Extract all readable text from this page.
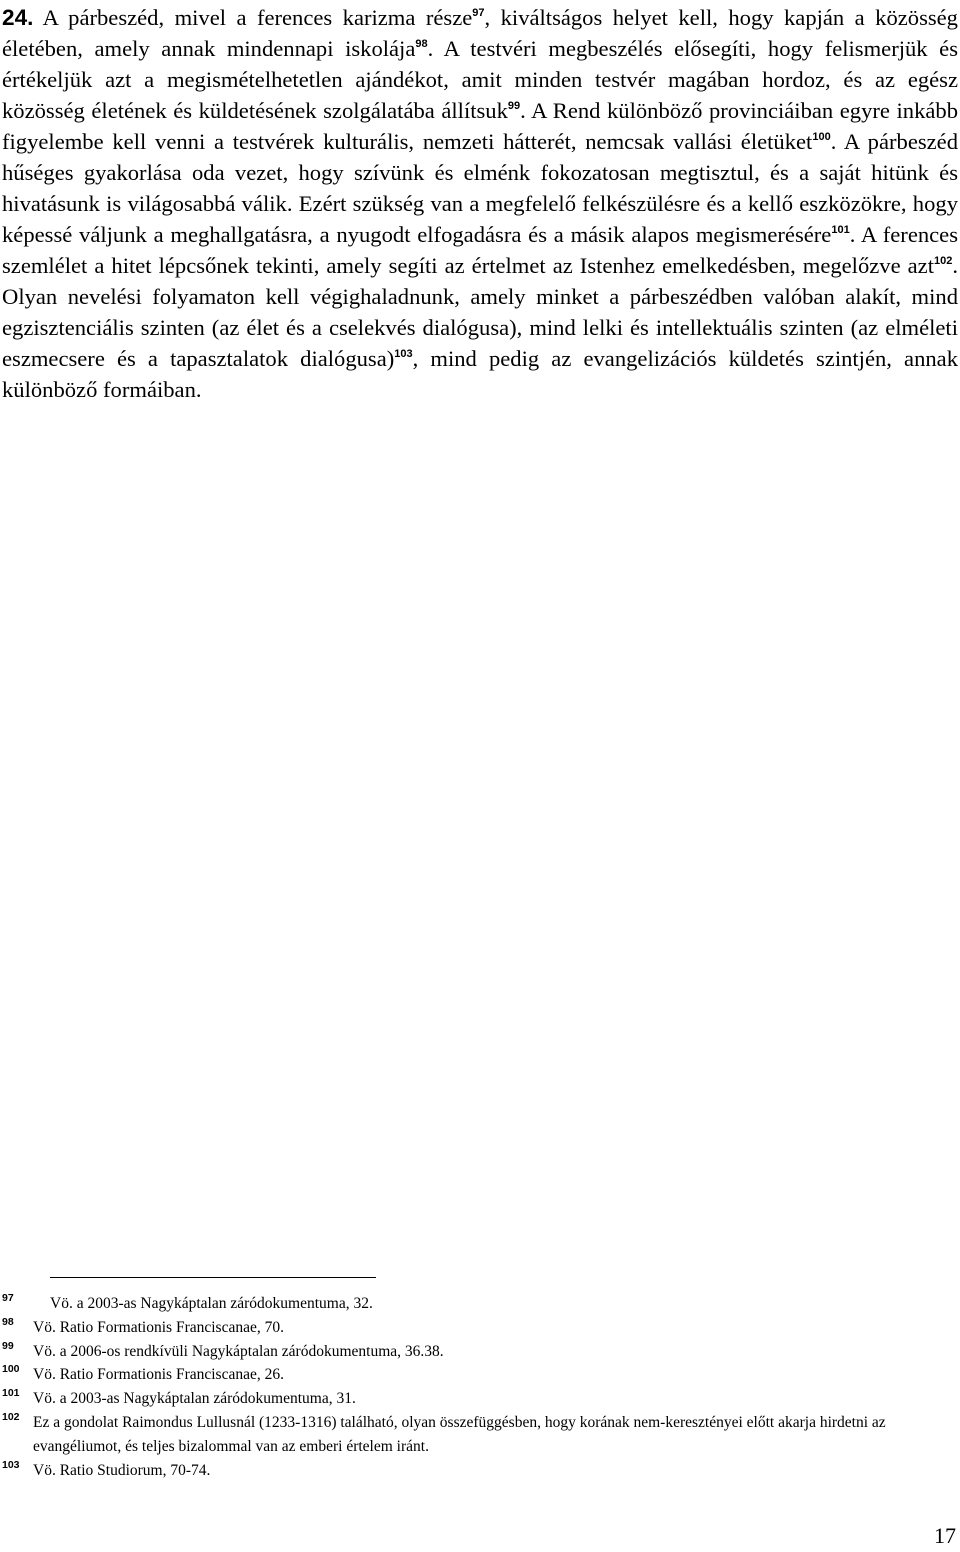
24. A párbeszéd, mivel a ferences karizma része$^{97}$, kiváltságos helyet kell, hogy kapján a közösség életében, amely annak mindennapi iskolája$^{98}$. A testvéri megbeszélés elősegíti, hogy felismerjük és értékeljük azt a megismételhetetlen ajándékot, amit minden testvér magában hordoz, és az egész közösség életének és küldetésének szolgálatába állítsuk$^{99}$. A Rend különböző provinciáiban egyre inkább figyelembe kell venni a testvérek kulturális, nemzeti hátterét, nemcsak vallási életüket$^{100}$. A párbeszéd hűséges gyakorlása oda vezet, hogy szívünk és elménk fokozatosan megtisztul, és a saját hitünk és hivatásunk is világosabbá válik. Ezért szükség van a megfelelő felkészülésre és a kellő eszközökre, hogy képessé váljunk a meghallgatásra, a nyugodt elfogadásra és a másik alapos megismerésére$^{101}$. A ferences szemlélet a hitet lépcsőnek tekinti, amely segíti az értelmet az Istenhez emelkedésben, megelőzve azt$^{102}$. Olyan nevelési folyamaton kell végighaladnunk, amely minket a párbeszédben valóban alakít, mind egzisztenciális szinten (az élet és a cselekvés dialógusa), mind lelki és intellektuális szinten (az elméleti eszmecsere és a tapasztalatok dialógusa)$^{103}$, mind pedig az evangelizációs küldetés szintjén, annak különböző formáiban.
97 Vö. a 2003-as Nagykáptalan záródokumentuma, 32.
98 Vö. Ratio Formationis Franciscanae, 70.
99 Vö. a 2006-os rendkívüli Nagykáptalan záródokumentuma, 36.38.
100 Vö. Ratio Formationis Franciscanae, 26.
101 Vö. a 2003-as Nagykáptalan záródokumentuma, 31.
102 Ez a gondolat Raimondus Lullusnál (1233-1316) található, olyan összefüggésben, hogy korának nem-keresztényei előtt akarja hirdetni az evangéliumot, és teljes bizalommal van az emberi értelem iránt.
103 Vö. Ratio Studiorum, 70-74.
17
